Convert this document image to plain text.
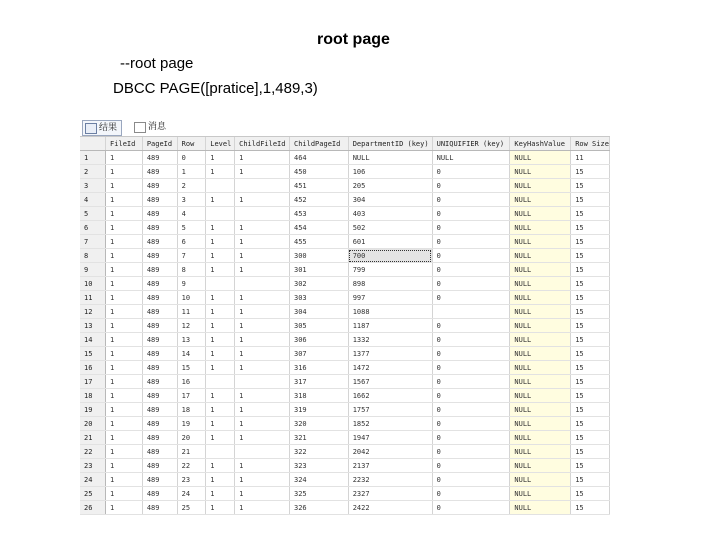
root page
--root page
DBCC PAGE([pratice],1,489,3)
结果	消息
	FileId	PageId	Row	Level	ChildFileId	ChildPageId	DepartmentID (key)	UNIQUIFIER (key)	KeyHashValue	Row Size
1	1	489	0	1	1	464	NULL	NULL	NULL	11
2	1	489	1	1	1	450	106	0	NULL	15
3	1	489	2			451	205	0	NULL	15
4	1	489	3	1	1	452	304	0	NULL	15
5	1	489	4			453	403	0	NULL	15
6	1	489	5	1	1	454	502	0	NULL	15
7	1	489	6	1	1	455	601	0	NULL	15
8	1	489	7	1	1	300	700	0	NULL	15
9	1	489	8	1	1	301	799	0	NULL	15
10	1	489	9			302	898	0	NULL	15
11	1	489	10	1	1	303	997	0	NULL	15
12	1	489	11	1	1	304	1088		NULL	15
13	1	489	12	1	1	305	1187	0	NULL	15
14	1	489	13	1	1	306	1332	0	NULL	15
15	1	489	14	1	1	307	1377	0	NULL	15
16	1	489	15	1	1	316	1472	0	NULL	15
17	1	489	16			317	1567	0	NULL	15
18	1	489	17	1	1	318	1662	0	NULL	15
19	1	489	18	1	1	319	1757	0	NULL	15
20	1	489	19	1	1	320	1852	0	NULL	15
21	1	489	20	1	1	321	1947	0	NULL	15
22	1	489	21			322	2042	0	NULL	15
23	1	489	22	1	1	323	2137	0	NULL	15
24	1	489	23	1	1	324	2232	0	NULL	15
25	1	489	24	1	1	325	2327	0	NULL	15
26	1	489	25	1	1	326	2422	0	NULL	15
